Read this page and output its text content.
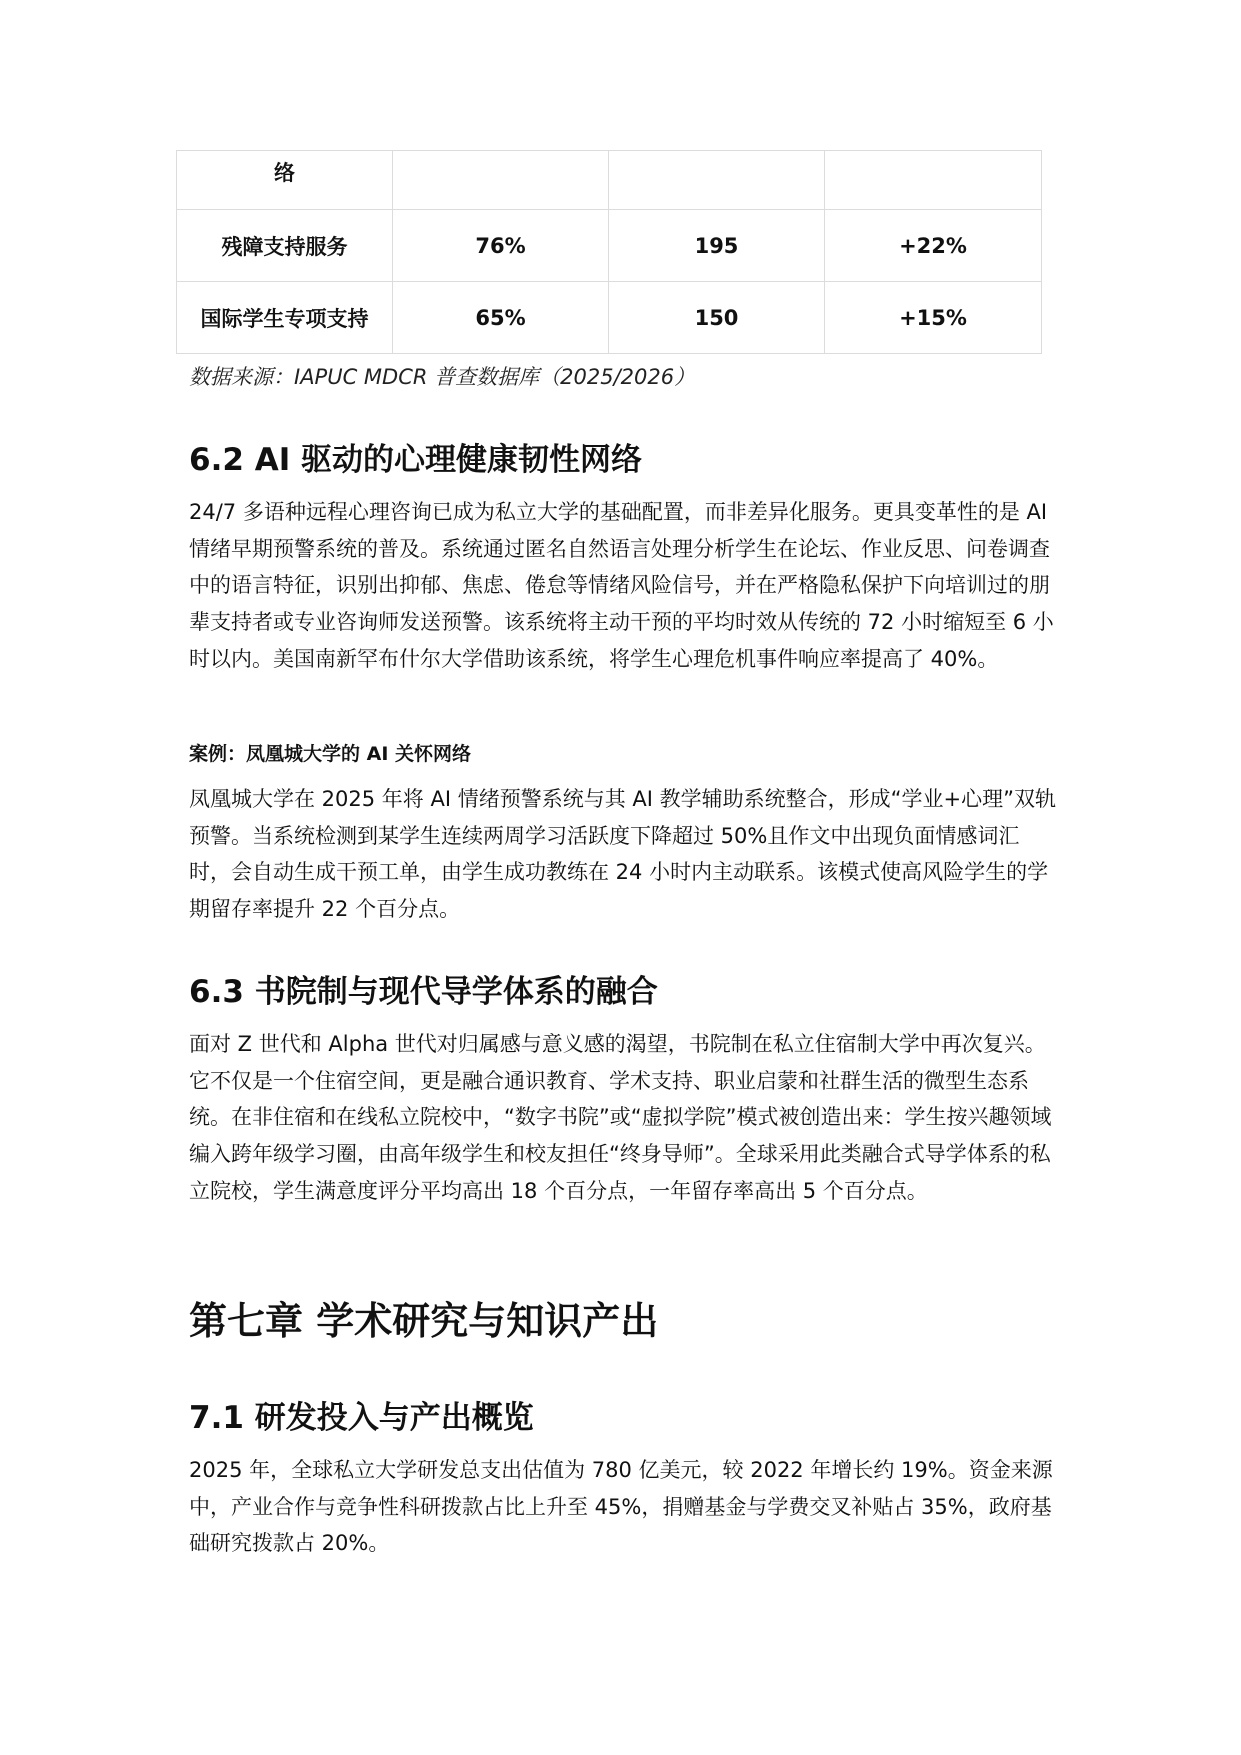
络			
残障支持服务	76%	195	+22%
国际学生专项支持	65%	150	+15%
数据来源：IAPUC MDCR 普查数据库（2025/2026）
6.2 AI 驱动的心理健康韧性网络

24/7 多语种远程心理咨询已成为私立大学的基础配置，而非差异化服务。更具变革性的是 AI 情绪早期预警系统的普及。系统通过匿名自然语言处理分析学生在论坛、作业反思、问卷调查中的语言特征，识别出抑郁、焦虑、倦怠等情绪风险信号，并在严格隐私保护下向培训过的朋辈支持者或专业咨询师发送预警。该系统将主动干预的平均时效从传统的 72 小时缩短至 6 小时以内。美国南新罕布什尔大学借助该系统，将学生心理危机事件响应率提高了 40%。

案例：凤凰城大学的 AI 关怀网络

凤凰城大学在 2025 年将 AI 情绪预警系统与其 AI 教学辅助系统整合，形成“学业+心理”双轨预警。当系统检测到某学生连续两周学习活跃度下降超过 50%且作文中出现负面情感词汇时，会自动生成干预工单，由学生成功教练在 24 小时内主动联系。该模式使高风险学生的学期留存率提升 22 个百分点。

6.3 书院制与现代导学体系的融合

面对 Z 世代和 Alpha 世代对归属感与意义感的渴望，书院制在私立住宿制大学中再次复兴。它不仅是一个住宿空间，更是融合通识教育、学术支持、职业启蒙和社群生活的微型生态系统。在非住宿和在线私立院校中，“数字书院”或“虚拟学院”模式被创造出来：学生按兴趣领域编入跨年级学习圈，由高年级学生和校友担任“终身导师”。全球采用此类融合式导学体系的私立院校，学生满意度评分平均高出 18 个百分点，一年留存率高出 5 个百分点。

第七章 学术研究与知识产出
7.1 研发投入与产出概览

2025 年，全球私立大学研发总支出估值为 780 亿美元，较 2022 年增长约 19%。资金来源中，产业合作与竞争性科研拨款占比上升至 45%，捐赠基金与学费交叉补贴占 35%，政府基础研究拨款占 20%。
